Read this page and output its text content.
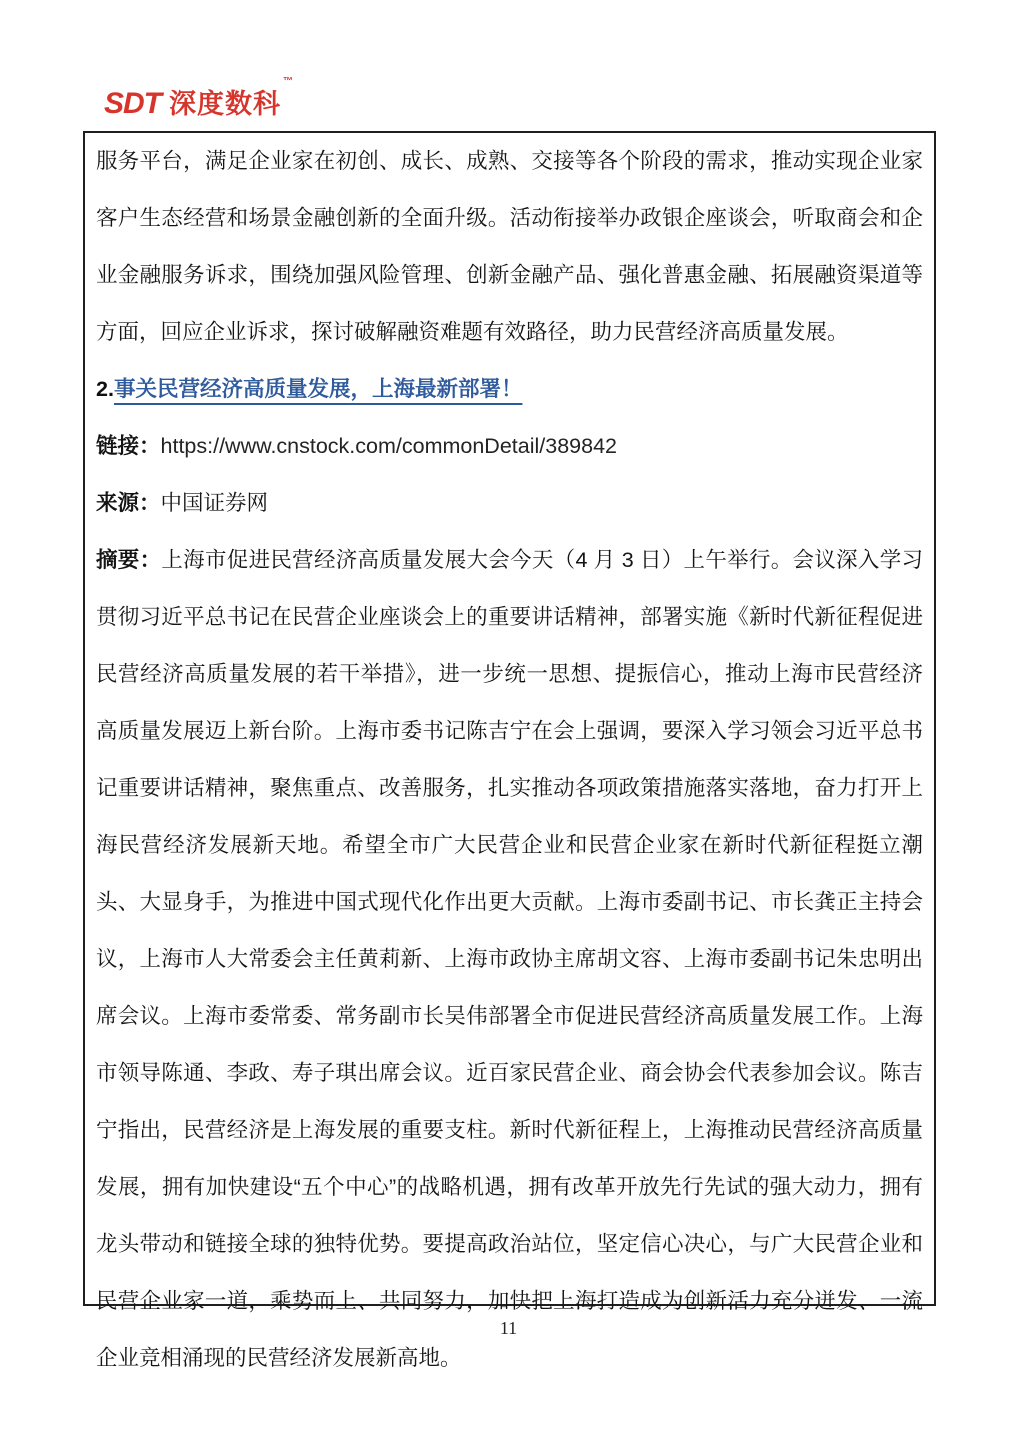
SDT 深度数科™

服务平台，满足企业家在初创、成长、成熟、交接等各个阶段的需求，推动实现企业家客户生态经营和场景金融创新的全面升级。活动衔接举办政银企座谈会，听取商会和企业金融服务诉求，围绕加强风险管理、创新金融产品、强化普惠金融、拓展融资渠道等方面，回应企业诉求，探讨破解融资难题有效路径，助力民营经济高质量发展。

2.事关民营经济高质量发展，上海最新部署！

链接：https://www.cnstock.com/commonDetail/389842

来源：中国证券网

摘要：上海市促进民营经济高质量发展大会今天（4 月 3 日）上午举行。会议深入学习贯彻习近平总书记在民营企业座谈会上的重要讲话精神，部署实施《新时代新征程促进民营经济高质量发展的若干举措》，进一步统一思想、提振信心，推动上海市民营经济高质量发展迈上新台阶。上海市委书记陈吉宁在会上强调，要深入学习领会习近平总书记重要讲话精神，聚焦重点、改善服务，扎实推动各项政策措施落实落地，奋力打开上海民营经济发展新天地。希望全市广大民营企业和民营企业家在新时代新征程挺立潮头、大显身手，为推进中国式现代化作出更大贡献。上海市委副书记、市长龚正主持会议，上海市人大常委会主任黄莉新、上海市政协主席胡文容、上海市委副书记朱忠明出席会议。上海市委常委、常务副市长吴伟部署全市促进民营经济高质量发展工作。上海市领导陈通、李政、寿子琪出席会议。近百家民营企业、商会协会代表参加会议。陈吉宁指出，民营经济是上海发展的重要支柱。新时代新征程上，上海推动民营经济高质量发展，拥有加快建设“五个中心”的战略机遇，拥有改革开放先行先试的强大动力，拥有龙头带动和链接全球的独特优势。要提高政治站位，坚定信心决心，与广大民营企业和民营企业家一道，乘势而上、共同努力，加快把上海打造成为创新活力充分迸发、一流企业竞相涌现的民营经济发展新高地。

11
